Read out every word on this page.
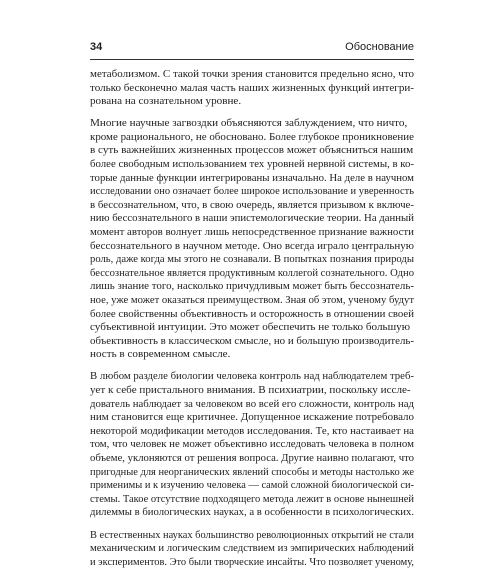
34	Обоснование
метаболизмом. С такой точки зрения становится предельно ясно, что
только бесконечно малая часть наших жизненных функций интегри-
рована на сознательном уровне.
Многие научные загвоздки объясняются заблуждением, что ничто,
кроме рационального, не обосновано. Более глубокое проникновение
в суть важнейших жизненных процессов может объясниться нашим
более свободным использованием тех уровней нервной системы, в ко-
торые данные функции интегрированы изначально. На деле в научном
исследовании оно означает более широкое использование и уверенность
в бессознательном, что, в свою очередь, является призывом к включе-
нию бессознательного в наши эпистемологические теории. На данный
момент авторов волнует лишь непосредственное признание важности
бессознательного в научном методе. Оно всегда играло центральную
роль, даже когда мы этого не сознавали. В попытках познания природы
бессознательное является продуктивным коллегой сознательного. Одно
лишь знание того, насколько причудливым может быть бессознатель-
ное, уже может оказаться преимуществом. Зная об этом, ученому будут
более свойственны объективность и осторожность в отношении своей
субъективной интуиции. Это может обеспечить не только большую
объективность в классическом смысле, но и большую производитель-
ность в современном смысле.
В любом разделе биологии человека контроль над наблюдателем треб-
ует к себе пристального внимания. В психиатрии, поскольку иссле-
дователь наблюдает за человеком во всей его сложности, контроль над
ним становится еще критичнее. Допущенное искажение потребовало
некоторой модификации методов исследования. Те, кто настаивает на
том, что человек не может объективно исследовать человека в полном
объеме, уклоняются от решения вопроса. Другие наивно полагают, что
пригодные для неорганических явлений способы и методы настолько же
применимы и к изучению человека — самой сложной биологической си-
стемы. Такое отсутствие подходящего метода лежит в основе нынешней
дилеммы в биологических науках, а в особенности в психологических.
В естественных науках большинство революционных открытий не стали
механическим и логическим следствием из эмпирических наблюдений
и экспериментов. Это были творческие инсайты. Что позволяет ученому,
